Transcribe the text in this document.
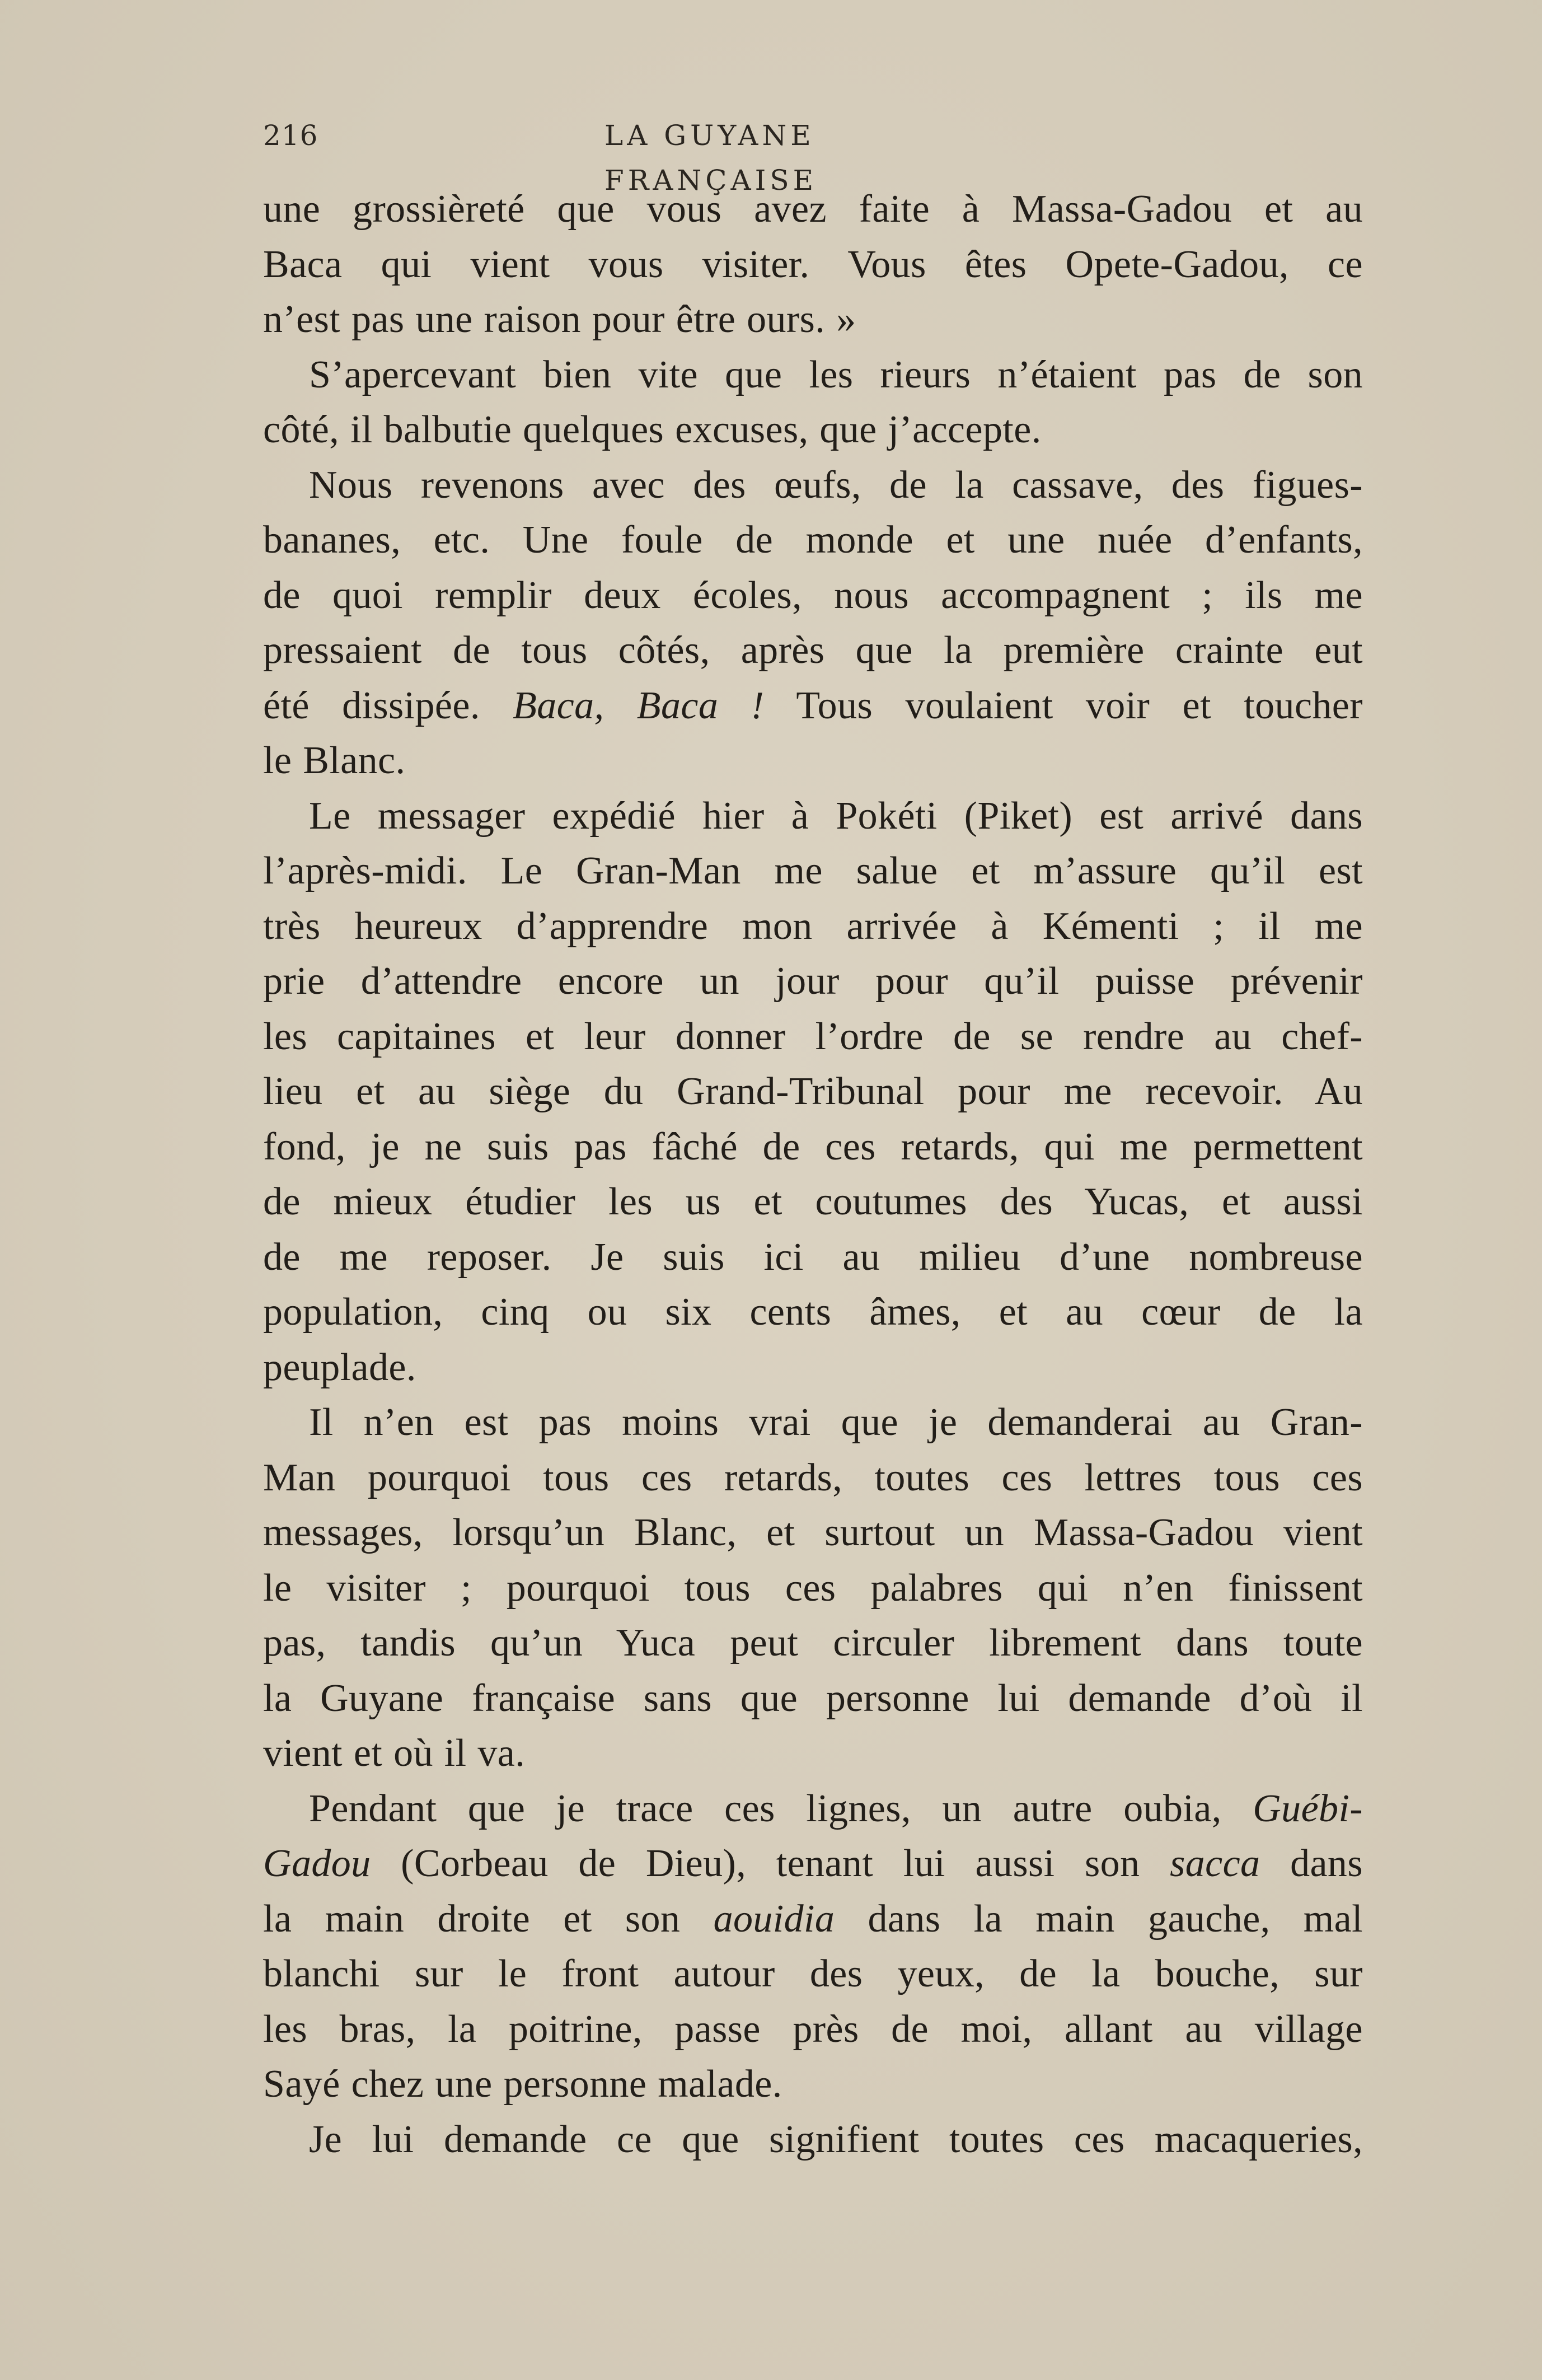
216	LA GUYANE FRANÇAISE
une grossièreté que vous avez faite à Massa-Gadou et au
Baca qui vient vous visiter. Vous êtes Opete-Gadou, ce
n’est pas une raison pour être ours. »
S’apercevant bien vite que les rieurs n’étaient pas de son
côté, il balbutie quelques excuses, que j’accepte.
Nous revenons avec des œufs, de la cassave, des figues-
bananes, etc. Une foule de monde et une nuée d’enfants,
de quoi remplir deux écoles, nous accompagnent ; ils me
pressaient de tous côtés, après que la première crainte eut
été dissipée. Baca, Baca ! Tous voulaient voir et toucher
le Blanc.
Le messager expédié hier à Pokéti (Piket) est arrivé dans
l’après-midi. Le Gran-Man me salue et m’assure qu’il est
très heureux d’apprendre mon arrivée à Kémenti ; il me
prie d’attendre encore un jour pour qu’il puisse prévenir
les capitaines et leur donner l’ordre de se rendre au chef-
lieu et au siège du Grand-Tribunal pour me recevoir. Au
fond, je ne suis pas fâché de ces retards, qui me permettent
de mieux étudier les us et coutumes des Yucas, et aussi
de me reposer. Je suis ici au milieu d’une nombreuse
population, cinq ou six cents âmes, et au cœur de la
peuplade.
Il n’en est pas moins vrai que je demanderai au Gran-
Man pourquoi tous ces retards, toutes ces lettres tous ces
messages, lorsqu’un Blanc, et surtout un Massa-Gadou vient
le visiter ; pourquoi tous ces palabres qui n’en finissent
pas, tandis qu’un Yuca peut circuler librement dans toute
la Guyane française sans que personne lui demande d’où il
vient et où il va.
Pendant que je trace ces lignes, un autre oubia, Guébi-
Gadou (Corbeau de Dieu), tenant lui aussi son sacca dans
la main droite et son aouidia dans la main gauche, mal
blanchi sur le front autour des yeux, de la bouche, sur
les bras, la poitrine, passe près de moi, allant au village
Sayé chez une personne malade.
Je lui demande ce que signifient toutes ces macaqueries,
